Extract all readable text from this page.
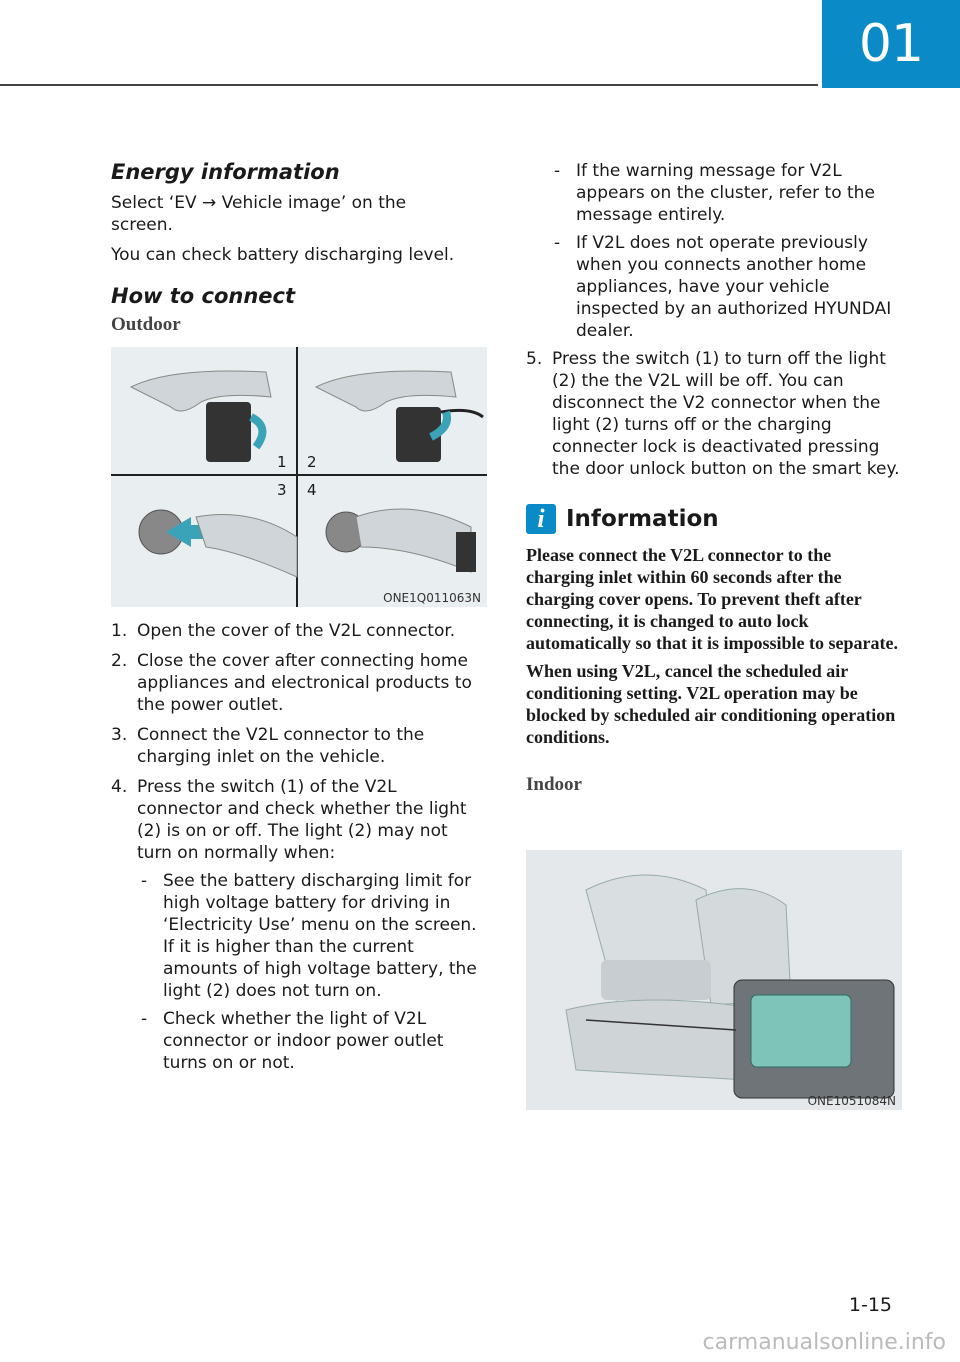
01
Energy information

Select ‘EV → Vehicle image’ on the

screen.

You can check battery discharging level.

How to connect

Outdoor

1 2
3 4
ONE1Q011063N
1. Open the cover of the V2L connector.
2. Close the cover after connecting home appliances and electronical products to the power outlet.
3. Connect the V2L connector to the charging inlet on the vehicle.
4. Press the switch (1) of the V2L connector and check whether the light (2) is on or off. The light (2) may not turn on normally when:
- See the battery discharging limit for high voltage battery for driving in ‘Electricity Use’ menu on the screen. If it is higher than the current amounts of high voltage battery, the light (2) does not turn on.
- Check whether the light of V2L connector or indoor power outlet turns on or not.
- If the warning message for V2L appears on the cluster, refer to the message entirely.
- If V2L does not operate previously when you connects another home appliances, have your vehicle inspected by an authorized HYUNDAI dealer.
5. Press the switch (1) to turn off the light (2) the the V2L will be off. You can disconnect the V2 connector when the light (2) turns off or the charging connecter lock is deactivated pressing the door unlock button on the smart key.
i Information

Please connect the V2L connector to the charging inlet within 60 seconds after the charging cover opens. To prevent theft after connecting, it is changed to auto lock automatically so that it is impossible to separate.

When using V2L, cancel the scheduled air conditioning setting. V2L operation may be blocked by scheduled air conditioning operation conditions.

Indoor

ONE1051084N
1-15
carmanualsonline.info
